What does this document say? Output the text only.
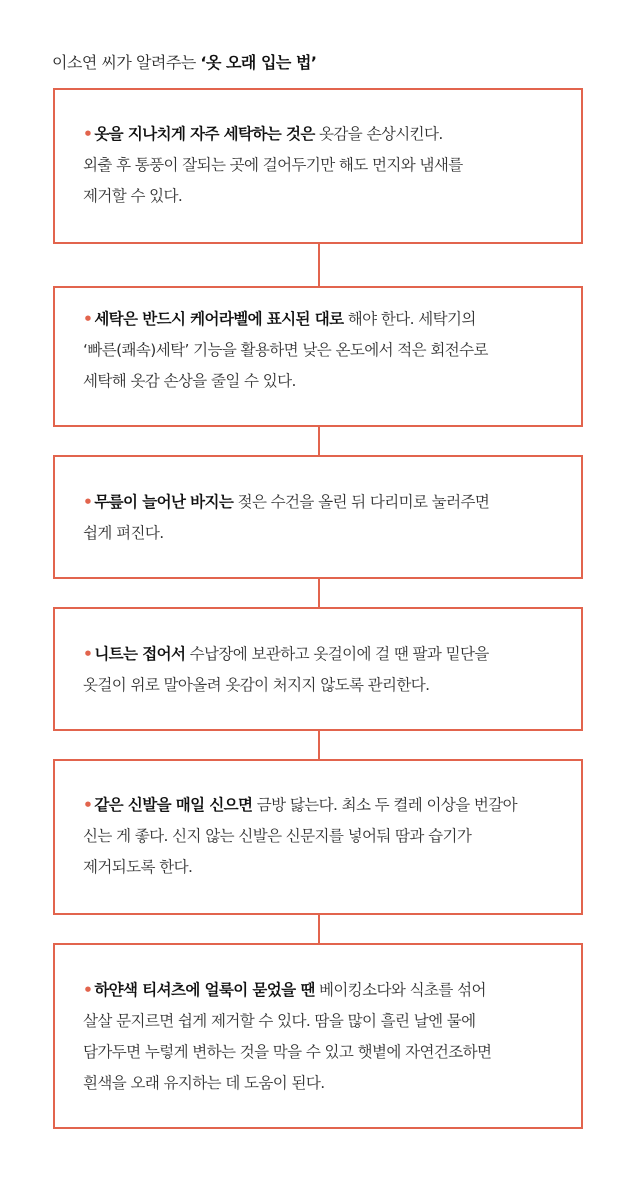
이소연 씨가 알려주는 ‘옷 오래 입는 법’
• 옷을 지나치게 자주 세탁하는 것은 옷감을 손상시킨다.
외출 후 통풍이 잘되는 곳에 걸어두기만 해도 먼지와 냄새를
제거할 수 있다.
• 세탁은 반드시 케어라벨에 표시된 대로 해야 한다. 세탁기의
‘빠른(쾌속)세탁’ 기능을 활용하면 낮은 온도에서 적은 회전수로
세탁해 옷감 손상을 줄일 수 있다.
• 무릎이 늘어난 바지는 젖은 수건을 올린 뒤 다리미로 눌러주면
쉽게 펴진다.
• 니트는 접어서 수납장에 보관하고 옷걸이에 걸 땐 팔과 밑단을
옷걸이 위로 말아올려 옷감이 처지지 않도록 관리한다.
• 같은 신발을 매일 신으면 금방 닳는다. 최소 두 켤레 이상을 번갈아
신는 게 좋다. 신지 않는 신발은 신문지를 넣어둬 땀과 습기가
제거되도록 한다.
• 하얀색 티셔츠에 얼룩이 묻었을 땐 베이킹소다와 식초를 섞어
살살 문지르면 쉽게 제거할 수 있다. 땀을 많이 흘린 날엔 물에
담가두면 누렇게 변하는 것을 막을 수 있고 햇볕에 자연건조하면
흰색을 오래 유지하는 데 도움이 된다.
